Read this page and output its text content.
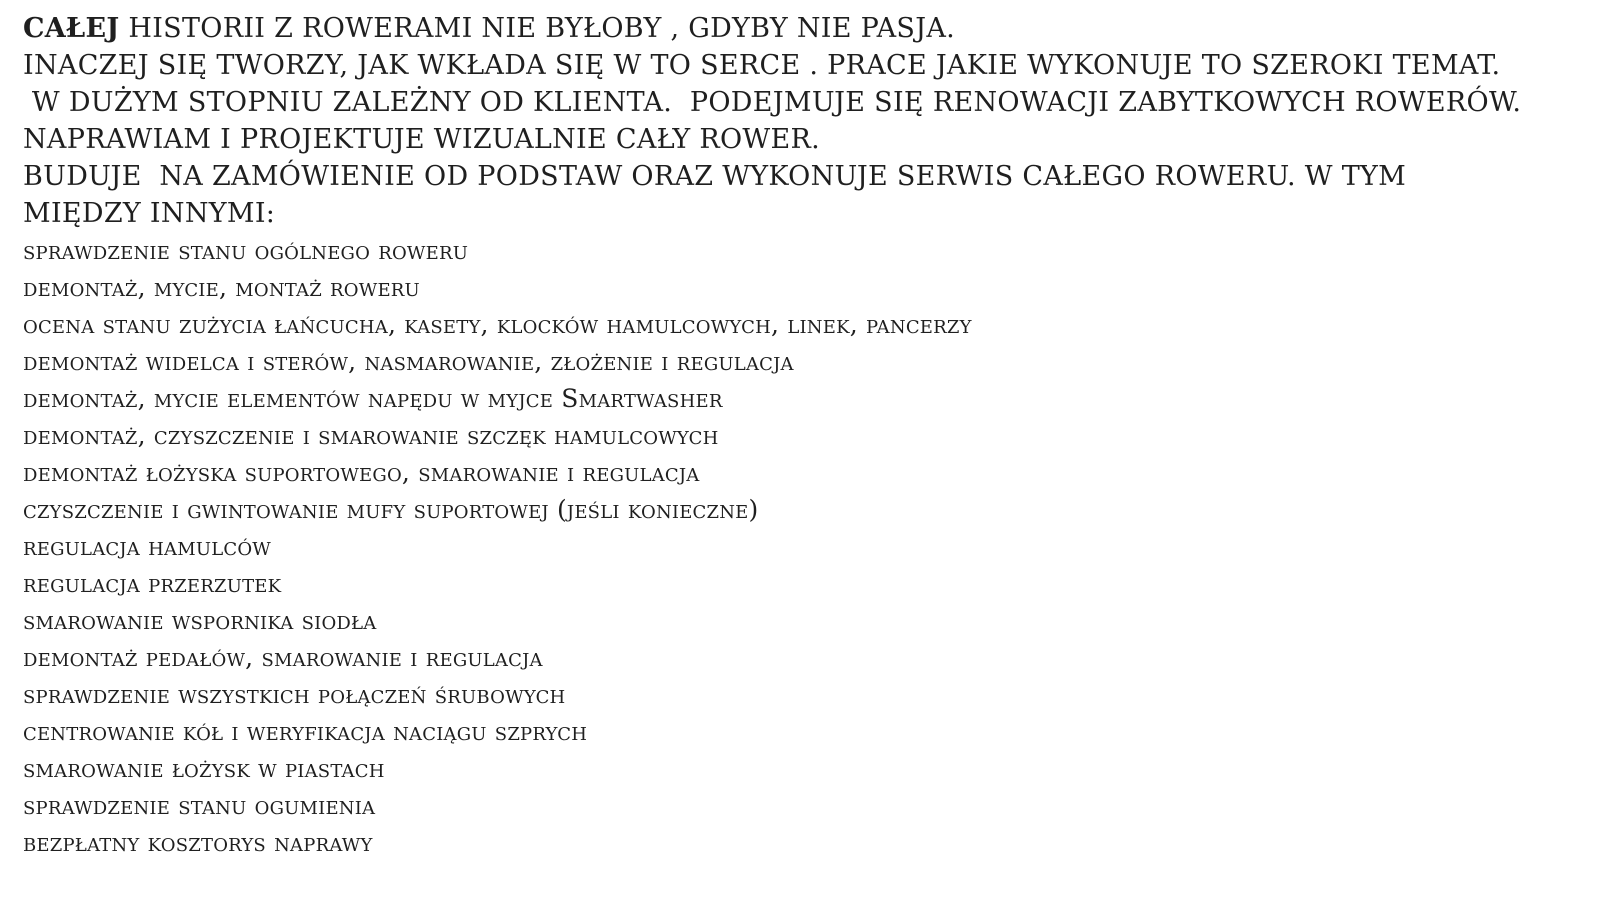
CAŁEJ HISTORII Z ROWERAMI NIE BYŁOBY , GDYBY NIE PASJA.
INACZEJ SIĘ TWORZY, JAK WKŁADA SIĘ W TO SERCE . PRACE JAKIE WYKONUJE TO SZEROKI TEMAT.
W DUŻYM STOPNIU ZALEŻNY OD KLIENTA.  PODEJMUJE SIĘ RENOWACJI ZABYTKOWYCH ROWERÓW.
NAPRAWIAM I PROJEKTUJE WIZUALNIE CAŁY ROWER.
BUDUJE  NA ZAMÓWIENIE OD PODSTAW ORAZ WYKONUJE SERWIS CAŁEGO ROWERU. W TYM
MIĘDZY INNYMI:
sprawdzenie stanu ogólnego roweru
demontaż, mycie, montaż roweru
ocena stanu zużycia łańcucha, kasety, klocków hamulcowych, linek, pancerzy
demontaż widelca i sterów, nasmarowanie, złożenie i regulacja
demontaż, mycie elementów napędu w myjce Smartwasher
demontaż, czyszczenie i smarowanie szczęk hamulcowych
demontaż łożyska suportowego, smarowanie i regulacja
czyszczenie i gwintowanie mufy suportowej (jeśli konieczne)
regulacja hamulców
regulacja przerzutek
smarowanie wspornika siodła
demontaż pedałów, smarowanie i regulacja
sprawdzenie wszystkich połączeń śrubowych
centrowanie kół i weryfikacja naciągu szprych
smarowanie łożysk w piastach
sprawdzenie stanu ogumienia
bezpłatny kosztorys naprawy
